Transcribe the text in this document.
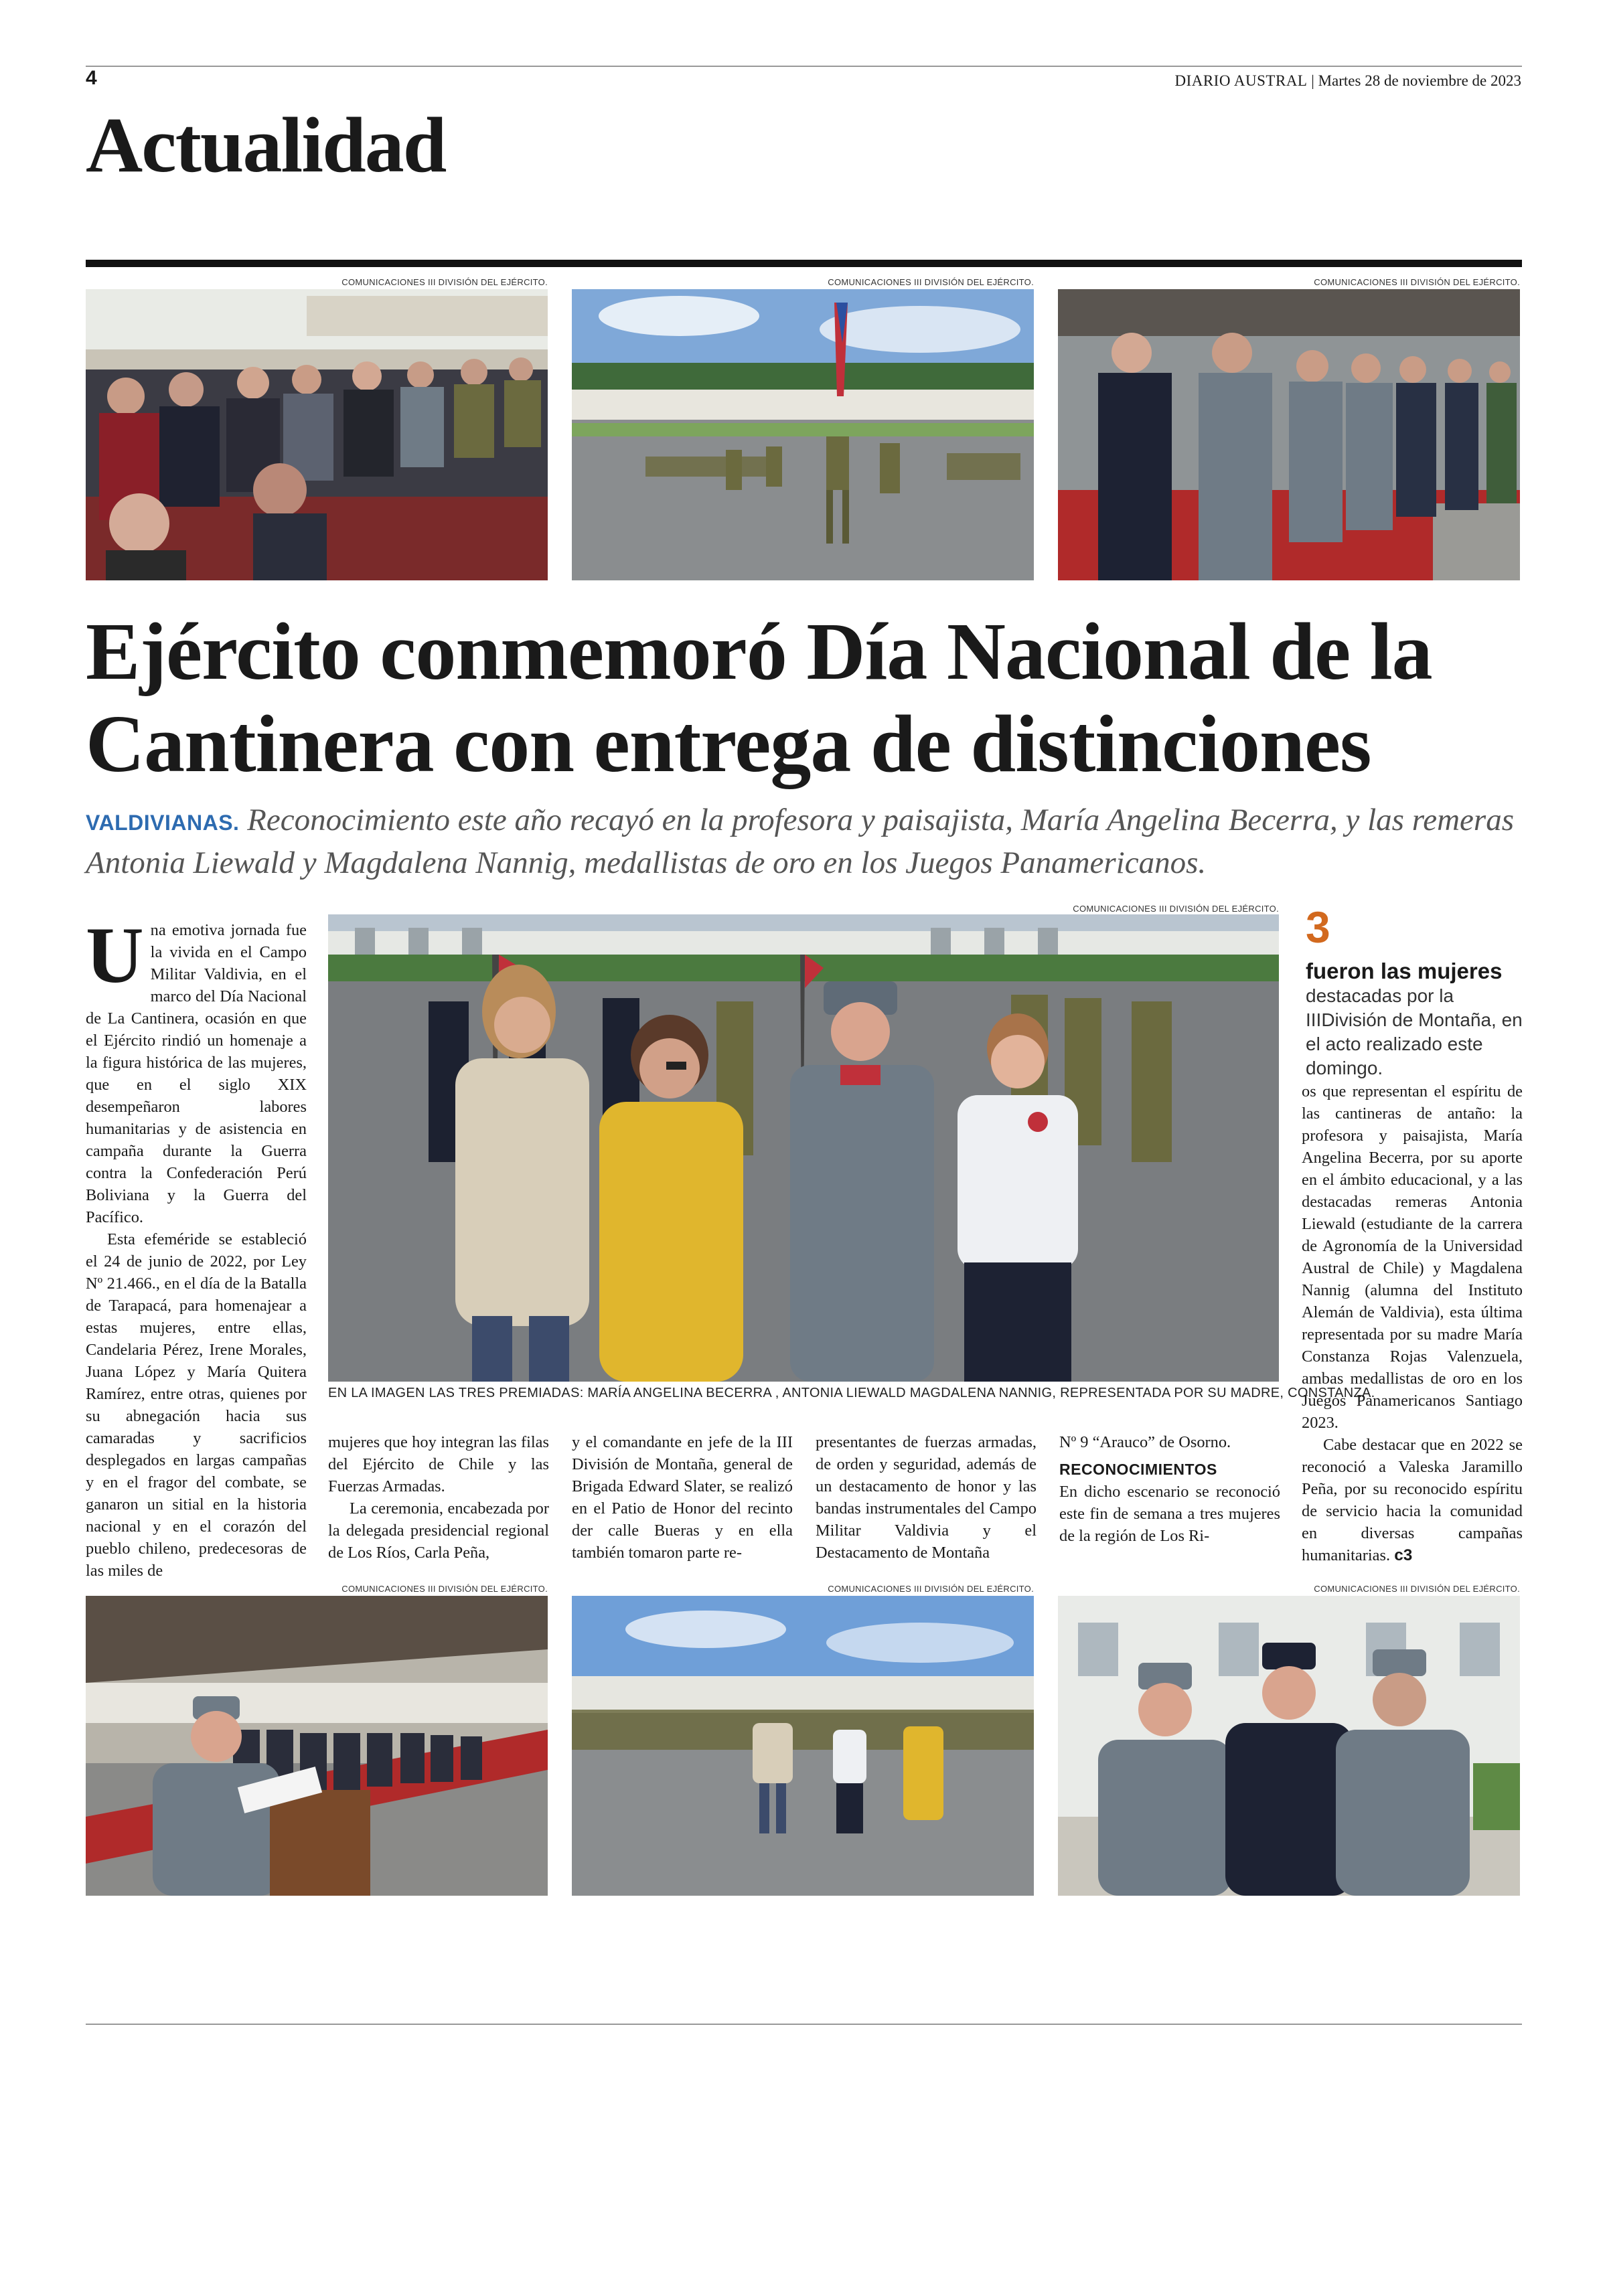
4	DIARIO AUSTRAL | Martes 28 de noviembre de 2023
Actualidad
COMUNICACIONES III DIVISIÓN DEL EJÉRCITO.	COMUNICACIONES III DIVISIÓN DEL EJÉRCITO.	COMUNICACIONES III DIVISIÓN DEL EJÉRCITO.
Ejército conmemoró Día Nacional de la
Cantinera con entrega de distinciones
VALDIVIANAS. Reconocimiento este año recayó en la profesora y paisajista, María Angelina Becerra, y las remeras Antonia Liewald y Magdalena Nannig, medallistas de oro en los Juegos Panamericanos.

Una emotiva jornada fue la vivida en el Campo Militar Valdivia, en el marco del Día Nacional de La Cantinera, ocasión en que el Ejército rindió un homenaje a la figura histórica de las mujeres, que en el siglo XIX desempeñaron labores humanitarias y de asistencia en campaña durante la Guerra contra la Confederación Perú Boliviana y la Guerra del Pacífico.

Esta efeméride se estableció el 24 de junio de 2022, por Ley Nº 21.466., en el día de la Batalla de Tarapacá, para homenajear a estas mujeres, entre ellas, Candelaria Pérez, Irene Morales, Juana López y María Quitera Ramírez, entre otras, quienes por su abnegación hacia sus camaradas y sacrificios desplegados en largas campañas y en el fragor del combate, se ganaron un sitial en la historia nacional y en el corazón del pueblo chileno, predecesoras de las miles de

COMUNICACIONES III DIVISIÓN DEL EJÉRCITO.
EN LA IMAGEN LAS TRES PREMIADAS: MARÍA ANGELINA BECERRA , ANTONIA LIEWALD MAGDALENA NANNIG, REPRESENTADA POR SU MADRE, CONSTANZA.
3
fueron las mujeres
destacadas por la IIIDivisión de Montaña, en el acto realizado este domingo.

os que representan el espíritu de las cantineras de antaño: la profesora y paisajista, María Angelina Becerra, por su aporte en el ámbito educacional, y a las destacadas remeras Antonia Liewald (estudiante de la carrera de Agronomía de la Universidad Austral de Chile) y Magdalena Nannig (alumna del Instituto Alemán de Valdivia), esta última representada por su madre María Constanza Rojas Valenzuela, ambas medallistas de oro en los Juegos Panamericanos Santiago 2023.

Cabe destacar que en 2022 se reconoció a Valeska Jaramillo Peña, por su reconocido espíritu de servicio hacia la comunidad en diversas campañas humanitarias. c3

mujeres que hoy integran las filas del Ejército de Chile y las Fuerzas Armadas.

La ceremonia, encabezada por la delegada presidencial regional de Los Ríos, Carla Peña,

y el comandante en jefe de la III División de Montaña, general de Brigada Edward Slater, se realizó en el Patio de Honor del recinto der calle Bueras y en ella también tomaron parte re-

presentantes de fuerzas armadas, de orden y seguridad, además de un destacamento de honor y las bandas instrumentales del Campo Militar Valdivia y el Destacamento de Montaña

Nº 9 “Arauco” de Osorno.

RECONOCIMIENTOS

En dicho escenario se reconoció este fin de semana a tres mujeres de la región de Los Ri-

COMUNICACIONES III DIVISIÓN DEL EJÉRCITO.	COMUNICACIONES III DIVISIÓN DEL EJÉRCITO.	COMUNICACIONES III DIVISIÓN DEL EJÉRCITO.
